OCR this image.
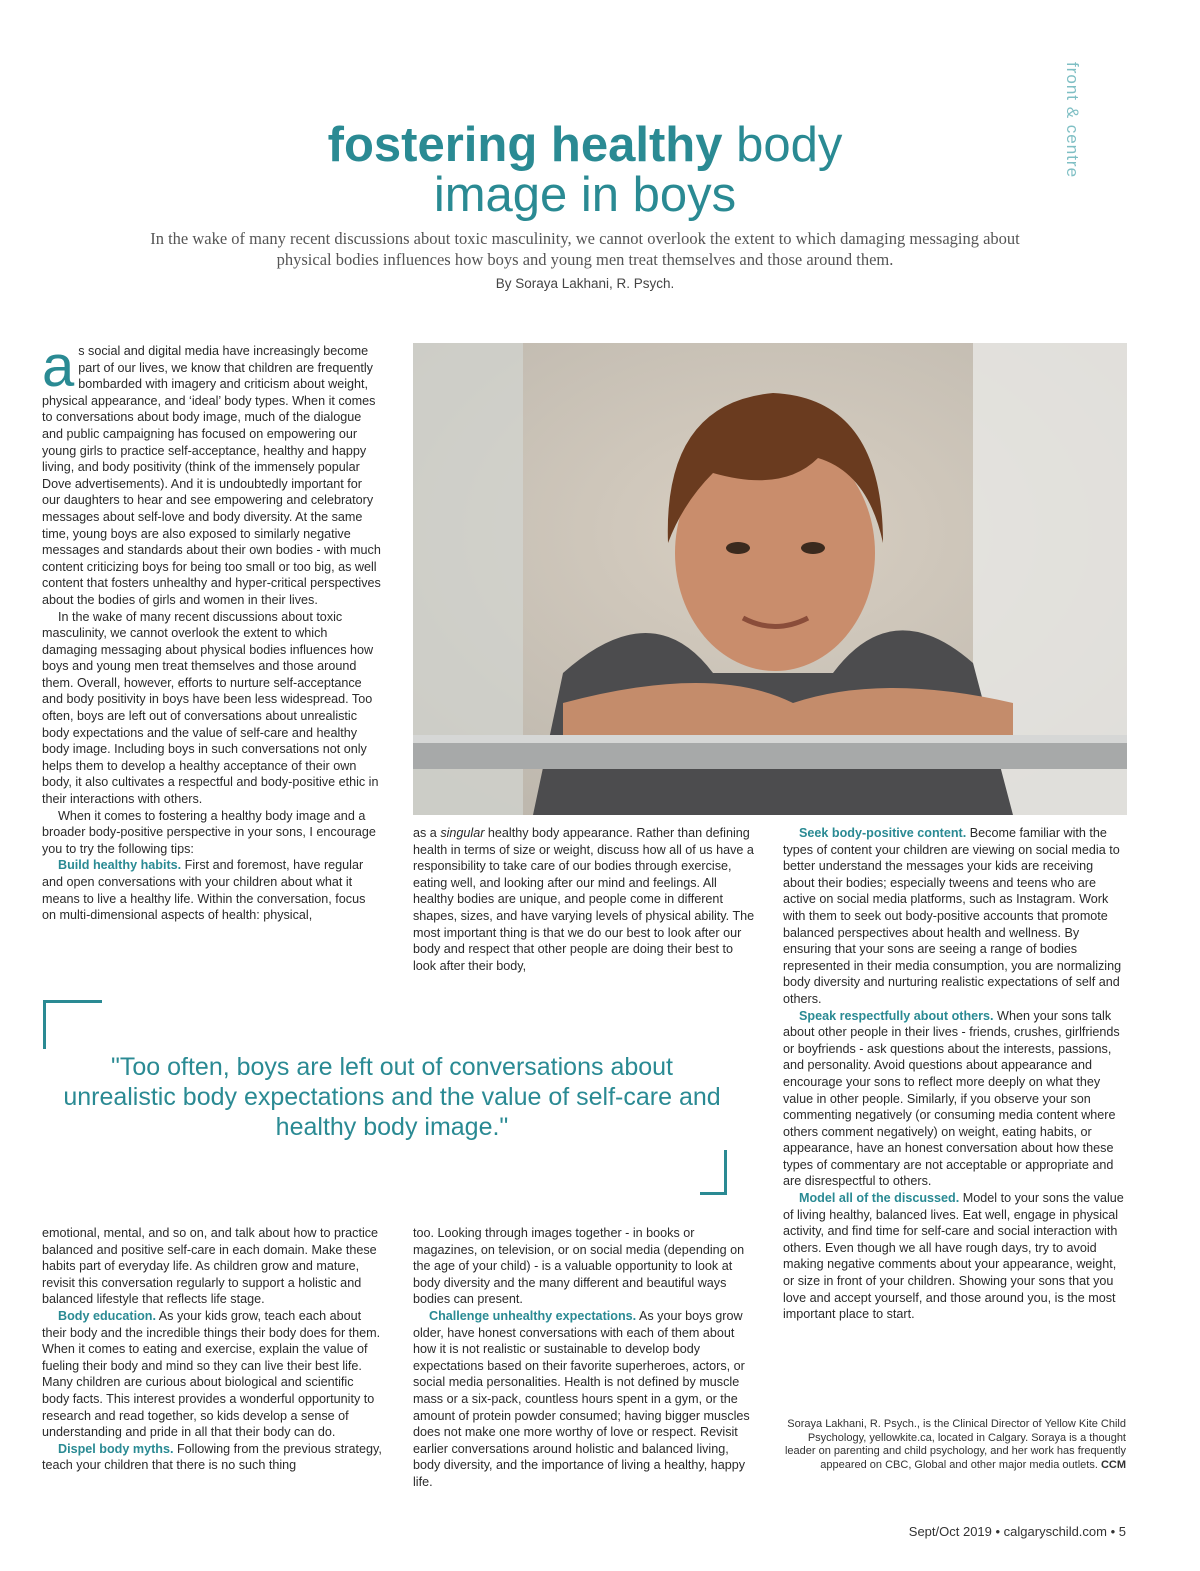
front & centre
fostering healthy body
image in boys

In the wake of many recent discussions about toxic masculinity, we cannot overlook the extent to which damaging messaging about physical bodies influences how boys and young men treat themselves and those around them.

By Soraya Lakhani, R. Psych.

as social and digital media have increasingly become part of our lives, we know that children are frequently bombarded with imagery and criticism about weight, physical appearance, and ‘ideal’ body types. When it comes to conversations about body image, much of the dialogue and public campaigning has focused on empowering our young girls to practice self-acceptance, healthy and happy living, and body positivity (think of the immensely popular Dove advertisements). And it is undoubtedly important for our daughters to hear and see empowering and celebratory messages about self-love and body diversity. At the same time, young boys are also exposed to similarly negative messages and standards about their own bodies - with much content criticizing boys for being too small or too big, as well content that fosters unhealthy and hyper-critical perspectives about the bodies of girls and women in their lives.

In the wake of many recent discussions about toxic masculinity, we cannot overlook the extent to which damaging messaging about physical bodies influences how boys and young men treat themselves and those around them. Overall, however, efforts to nurture self-acceptance and body positivity in boys have been less widespread. Too often, boys are left out of conversations about unrealistic body expectations and the value of self-care and healthy body image. Including boys in such conversations not only helps them to develop a healthy acceptance of their own body, it also cultivates a respectful and body-positive ethic in their interactions with others.

When it comes to fostering a healthy body image and a broader body-positive perspective in your sons, I encourage you to try the following tips:

Build healthy habits. First and foremost, have regular and open conversations with your children about what it means to live a healthy life. Within the conversation, focus on multi-dimensional aspects of health: physical,

as a singular healthy body appearance. Rather than defining health in terms of size or weight, discuss how all of us have a responsibility to take care of our bodies through exercise, eating well, and looking after our mind and feelings. All healthy bodies are unique, and people come in different shapes, sizes, and have varying levels of physical ability. The most important thing is that we do our best to look after our body and respect that other people are doing their best to look after their body,

"Too often, boys are left out of conversations about unrealistic body expectations and the value of self-care and healthy body image."

emotional, mental, and so on, and talk about how to practice balanced and positive self-care in each domain. Make these habits part of everyday life. As children grow and mature, revisit this conversation regularly to support a holistic and balanced lifestyle that reflects life stage.

Body education. As your kids grow, teach each about their body and the incredible things their body does for them. When it comes to eating and exercise, explain the value of fueling their body and mind so they can live their best life. Many children are curious about biological and scientific body facts. This interest provides a wonderful opportunity to research and read together, so kids develop a sense of understanding and pride in all that their body can do.

Dispel body myths. Following from the previous strategy, teach your children that there is no such thing

too. Looking through images together - in books or magazines, on television, or on social media (depending on the age of your child) - is a valuable opportunity to look at body diversity and the many different and beautiful ways bodies can present.

Challenge unhealthy expectations. As your boys grow older, have honest conversations with each of them about how it is not realistic or sustainable to develop body expectations based on their favorite superheroes, actors, or social media personalities. Health is not defined by muscle mass or a six-pack, countless hours spent in a gym, or the amount of protein powder consumed; having bigger muscles does not make one more worthy of love or respect. Revisit earlier conversations around holistic and balanced living, body diversity, and the importance of living a healthy, happy life.

Seek body-positive content. Become familiar with the types of content your children are viewing on social media to better understand the messages your kids are receiving about their bodies; especially tweens and teens who are active on social media platforms, such as Instagram. Work with them to seek out body-positive accounts that promote balanced perspectives about health and wellness. By ensuring that your sons are seeing a range of bodies represented in their media consumption, you are normalizing body diversity and nurturing realistic expectations of self and others.

Speak respectfully about others. When your sons talk about other people in their lives - friends, crushes, girlfriends or boyfriends - ask questions about the interests, passions, and personality. Avoid questions about appearance and encourage your sons to reflect more deeply on what they value in other people. Similarly, if you observe your son commenting negatively (or consuming media content where others comment negatively) on weight, eating habits, or appearance, have an honest conversation about how these types of commentary are not acceptable or appropriate and are disrespectful to others.

Model all of the discussed. Model to your sons the value of living healthy, balanced lives. Eat well, engage in physical activity, and find time for self-care and social interaction with others. Even though we all have rough days, try to avoid making negative comments about your appearance, weight, or size in front of your children. Showing your sons that you love and accept yourself, and those around you, is the most important place to start.

Soraya Lakhani, R. Psych., is the Clinical Director of Yellow Kite Child Psychology, yellowkite.ca, located in Calgary. Soraya is a thought leader on parenting and child psychology, and her work has frequently appeared on CBC, Global and other major media outlets. CCM

Sept/Oct 2019 • calgaryschild.com • 5
